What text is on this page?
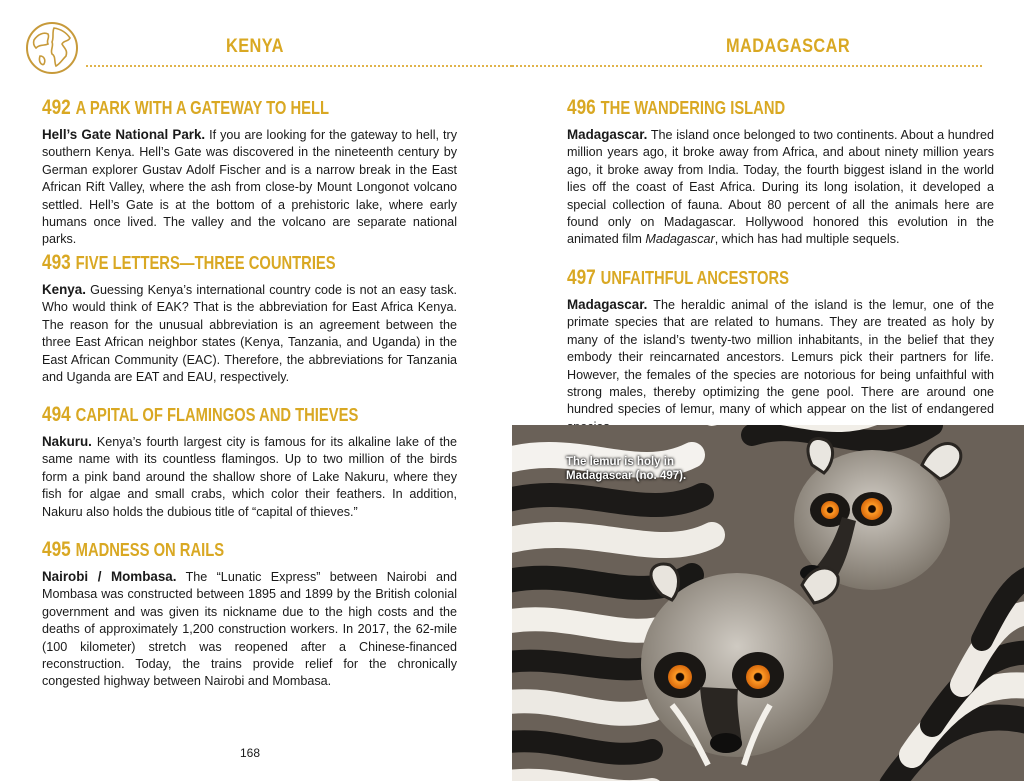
KENYA
492 A PARK WITH A GATEWAY TO HELL

Hell’s Gate National Park. If you are looking for the gateway to hell, try southern Kenya. Hell’s Gate was discovered in the nineteenth century by German explorer Gustav Adolf Fischer and is a narrow break in the East African Rift Valley, where the ash from close-by Mount Longonot volcano settled. Hell’s Gate is at the bottom of a prehistoric lake, where early humans once lived. The valley and the volcano are separate national parks.

493 FIVE LETTERS—THREE COUNTRIES

Kenya. Guessing Kenya’s international country code is not an easy task. Who would think of EAK? That is the abbreviation for East Africa Kenya. The reason for the unusual abbreviation is an agreement between the three East African neighbor states (Kenya, Tanzania, and Uganda) in the East African Community (EAC). Therefore, the abbreviations for Tanzania and Uganda are EAT and EAU, respectively.

494 CAPITAL OF FLAMINGOS AND THIEVES

Nakuru. Kenya’s fourth largest city is famous for its alkaline lake of the same name with its countless flamingos. Up to two million of the birds form a pink band around the shallow shore of Lake Nakuru, where they fish for algae and small crabs, which color their feathers. In addition, Nakuru also holds the dubious title of “capital of thieves.”

495 MADNESS ON RAILS

Nairobi / Mombasa. The “Lunatic Express” between Nairobi and Mombasa was constructed between 1895 and 1899 by the British colonial government and was given its nickname due to the high costs and the deaths of approximately 1,200 construction workers. In 2017, the 62-mile (100 kilometer) stretch was reopened after a Chinese-financed reconstruction. Today, the trains provide relief for the chronically congested highway between Nairobi and Mombasa.

168
MADAGASCAR
496 THE WANDERING ISLAND

Madagascar. The island once belonged to two continents. About a hundred million years ago, it broke away from Africa, and about ninety million years ago, it broke away from India. Today, the fourth biggest island in the world lies off the coast of East Africa. During its long isolation, it developed a special collection of fauna. About 80 percent of all the animals here are found only on Madagascar. Hollywood honored this evolution in the animated film Madagascar, which has had multiple sequels.

497 UNFAITHFUL ANCESTORS

Madagascar. The heraldic animal of the island is the lemur, one of the primate species that are related to humans. They are treated as holy by many of the island’s twenty-two million inhabitants, in the belief that they embody their reincarnated ancestors. Lemurs pick their partners for life. However, the females of the species are notorious for being unfaithful with strong males, thereby optimizing the gene pool. There are around one hundred species of lemur, many of which appear on the list of endangered

The lemur is holy in Madagascar (no. 497).
